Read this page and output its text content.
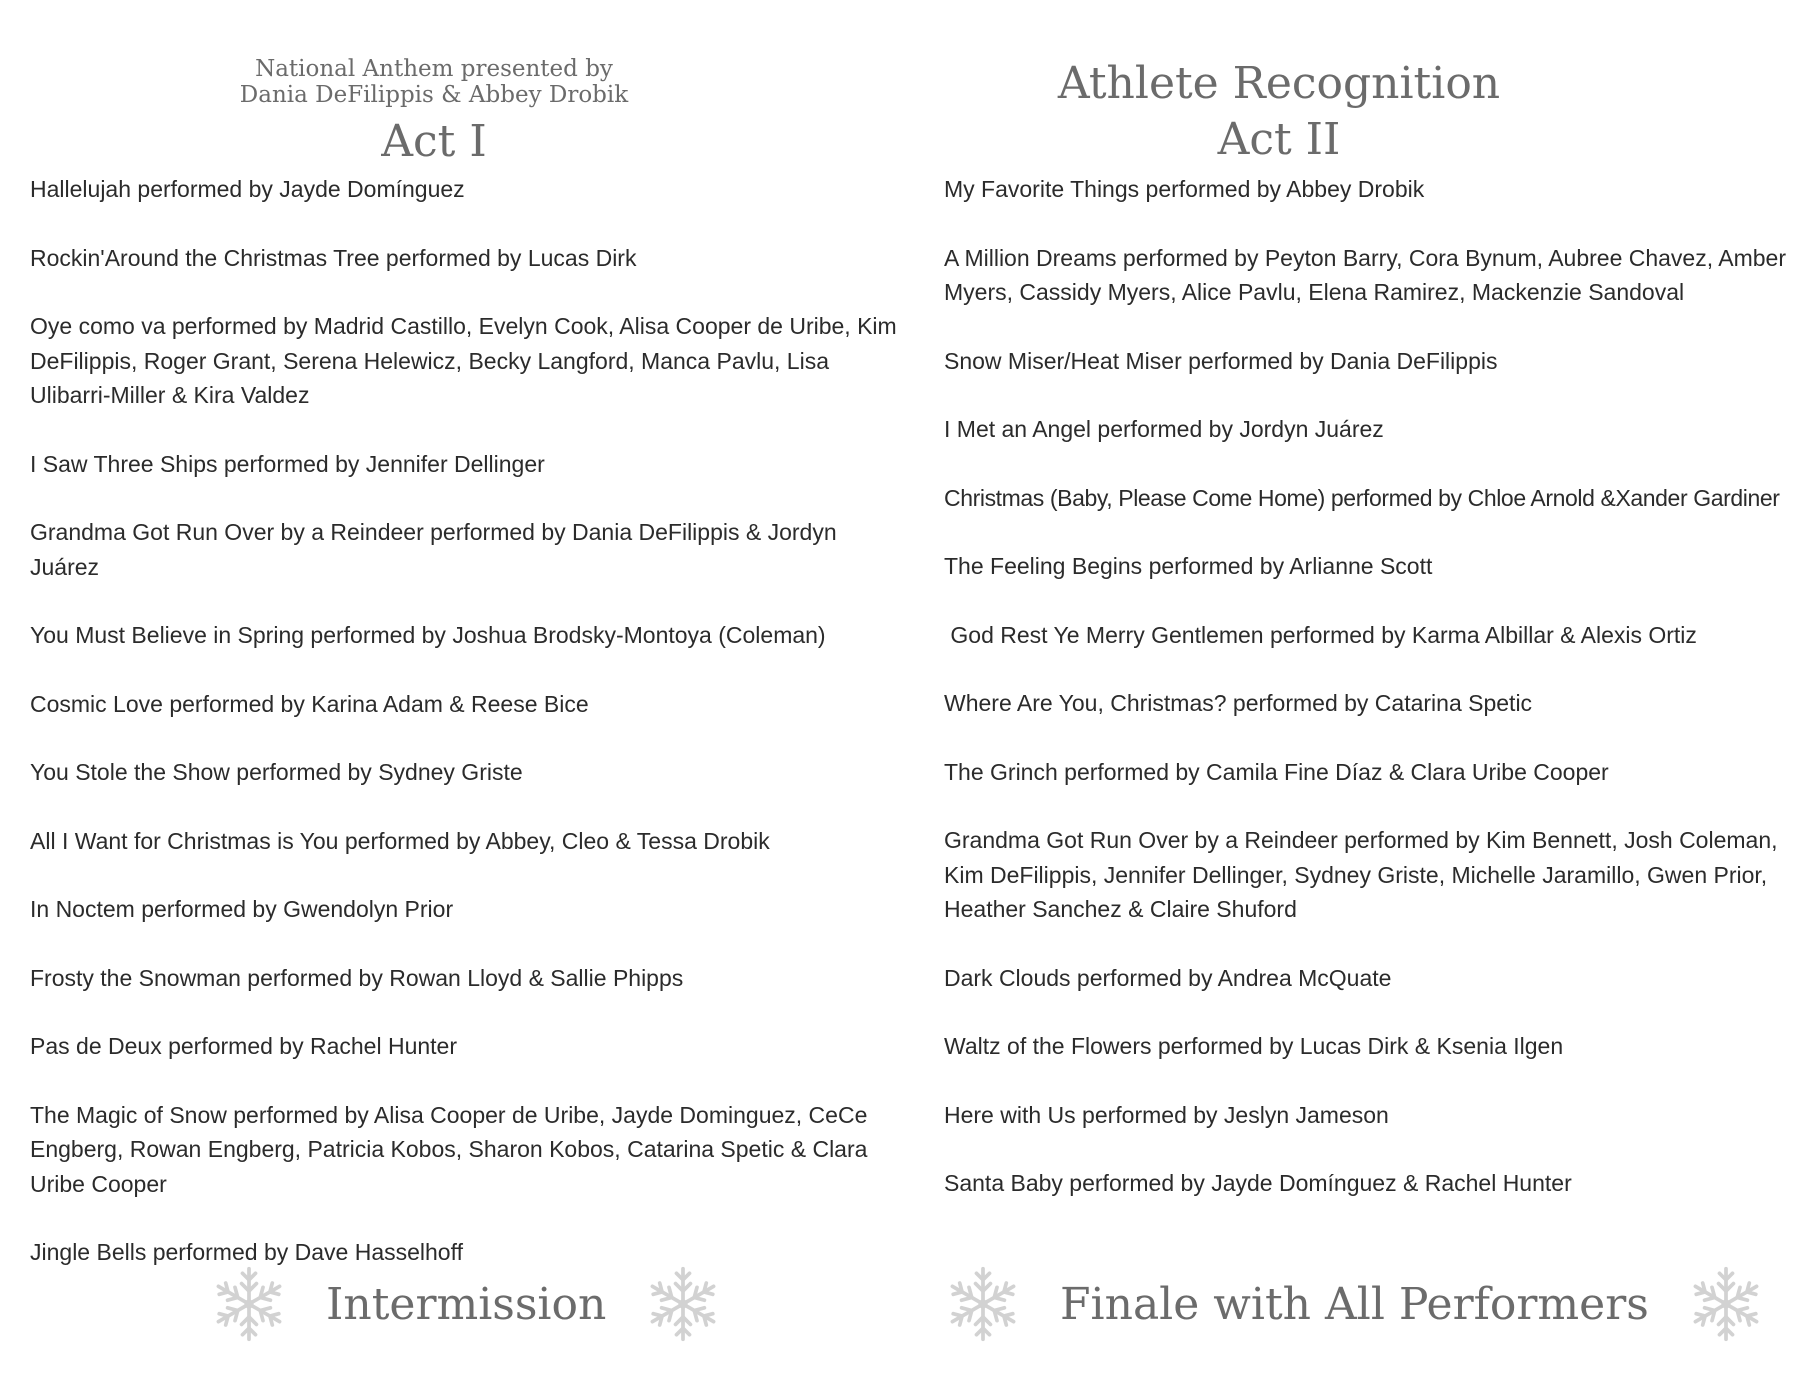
National Anthem presented by
Dania DeFilippis & Abbey Drobik
Act I
Hallelujah performed by Jayde Domínguez
Rockin'Around the Christmas Tree performed by Lucas Dirk
Oye como va performed by Madrid Castillo, Evelyn Cook, Alisa Cooper de Uribe, Kim DeFilippis, Roger Grant, Serena Helewicz, Becky Langford, Manca Pavlu, Lisa Ulibarri-Miller & Kira Valdez
I Saw Three Ships performed by Jennifer Dellinger
Grandma Got Run Over by a Reindeer performed by Dania DeFilippis & Jordyn Juárez
You Must Believe in Spring performed by Joshua Brodsky-Montoya (Coleman)
Cosmic Love performed by Karina Adam & Reese Bice
You Stole the Show performed by Sydney Griste
All I Want for Christmas is You performed by Abbey, Cleo & Tessa Drobik
In Noctem performed by Gwendolyn Prior
Frosty the Snowman performed by Rowan Lloyd & Sallie Phipps
Pas de Deux performed by Rachel Hunter
The Magic of Snow performed by Alisa Cooper de Uribe, Jayde Dominguez, CeCe Engberg, Rowan Engberg, Patricia Kobos, Sharon Kobos, Catarina Spetic & Clara Uribe Cooper
Jingle Bells performed by Dave Hasselhoff
Intermission
Athlete Recognition
Act II
My Favorite Things performed by Abbey Drobik
A Million Dreams performed by Peyton Barry, Cora Bynum, Aubree Chavez, Amber Myers, Cassidy Myers, Alice Pavlu, Elena Ramirez, Mackenzie Sandoval
Snow Miser/Heat Miser performed by Dania DeFilippis
I Met an Angel performed by Jordyn Juárez
Christmas (Baby, Please Come Home) performed by Chloe Arnold &Xander Gardiner
The Feeling Begins performed by Arlianne Scott
God Rest Ye Merry Gentlemen performed by Karma Albillar & Alexis Ortiz
Where Are You, Christmas? performed by Catarina Spetic
The Grinch performed by Camila Fine Díaz & Clara Uribe Cooper
Grandma Got Run Over by a Reindeer performed by Kim Bennett, Josh Coleman, Kim DeFilippis, Jennifer Dellinger, Sydney Griste, Michelle Jaramillo, Gwen Prior, Heather Sanchez & Claire Shuford
Dark Clouds performed by Andrea McQuate
Waltz of the Flowers performed by Lucas Dirk & Ksenia Ilgen
Here with Us performed by Jeslyn Jameson
Santa Baby performed by Jayde Domínguez & Rachel Hunter
Finale with All Performers
